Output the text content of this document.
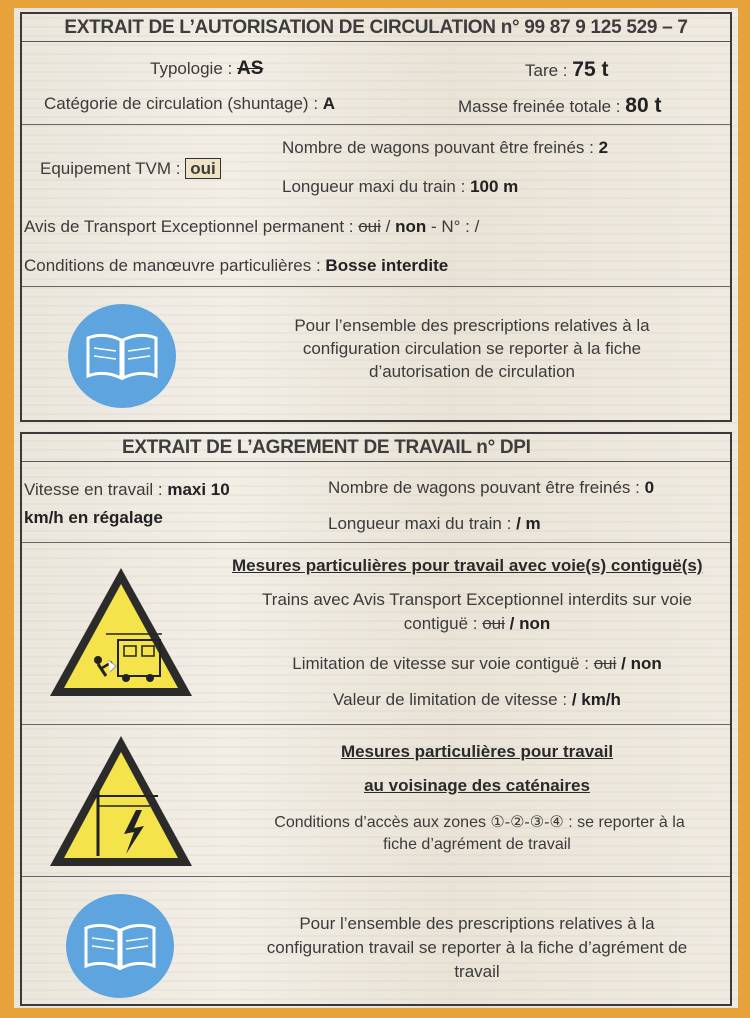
EXTRAIT DE L’AUTORISATION DE CIRCULATION n° 99 87 9 125 529 – 7
Typologie : AS	Tare : 75 t
Catégorie de circulation (shuntage) : A	Masse freinée totale : 80 t
Equipement TVM : oui
Nombre de wagons pouvant être freinés : 2
Longueur maxi du train : 100 m
Avis de Transport Exceptionnel permanent : oui / non - N° : /
Conditions de manœuvre particulières : Bosse interdite
Pour l’ensemble des prescriptions relatives à la
configuration circulation se reporter à la fiche
d’autorisation de circulation
EXTRAIT DE L’AGREMENT DE TRAVAIL n° DPI
Vitesse en travail : maxi 10
km/h en régalage
Nombre de wagons pouvant être freinés : 0
Longueur maxi du train : / m
Mesures particulières pour travail avec voie(s) contiguë(s)
Trains avec Avis Transport Exceptionnel interdits sur voie
contiguë : oui / non
Limitation de vitesse sur voie contiguë : oui / non
Valeur de limitation de vitesse : / km/h
Mesures particulières pour travail
au voisinage des caténaires
Conditions d’accès aux zones ①-②-③-④ : se reporter à la
fiche d’agrément de travail
Pour l’ensemble des prescriptions relatives à la
configuration travail se reporter à la fiche d’agrément de
travail
